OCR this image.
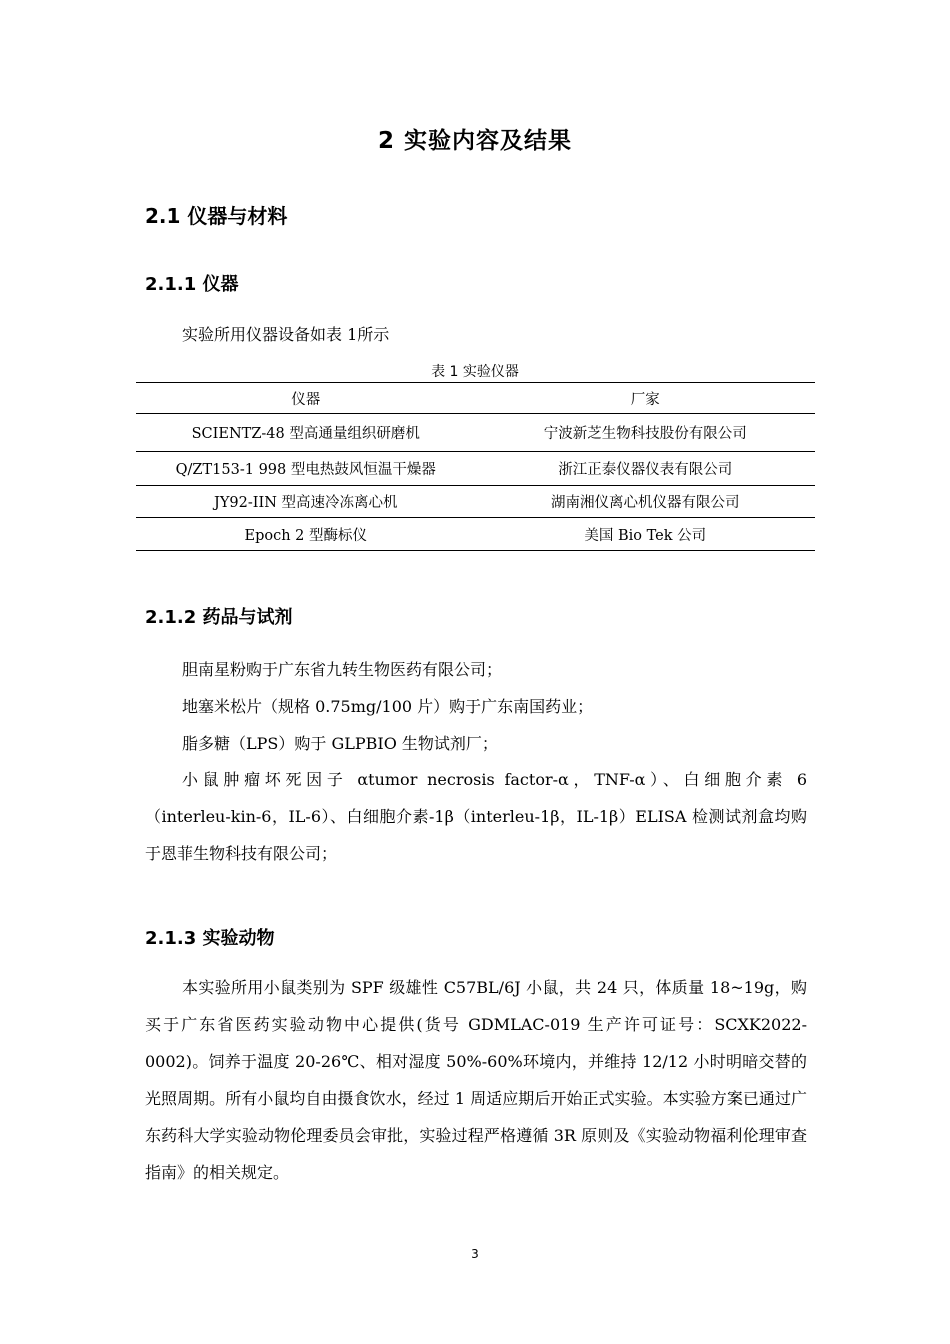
2 实验内容及结果
2.1 仪器与材料
2.1.1 仪器
实验所用仪器设备如表 1所示
表 1 实验仪器
仪器	厂家
SCIENTZ-48 型高通量组织研磨机	宁波新芝生物科技股份有限公司
Q/ZT153-1 998 型电热鼓风恒温干燥器	浙江正泰仪器仪表有限公司
JY92-IIN 型高速冷冻离心机	湖南湘仪离心机仪器有限公司
Epoch 2 型酶标仪	美国 Bio Tek 公司
2.1.2 药品与试剂
胆南星粉购于广东省九转生物医药有限公司；
地塞米松片（规格 0.75mg/100 片）购于广东南国药业；
脂多糖（LPS）购于 GLPBIO 生物试剂厂；
小鼠肿瘤坏死因子 αtumor necrosis factor-α，TNF-α）、白细胞介素 6（interleu‑kin-6，IL-6）、白细胞介素-1β（interleu-1β，IL-1β）ELISA 检测试剂盒均购于恩菲生物科技有限公司；
2.1.3 实验动物
本实验所用小鼠类别为 SPF 级雄性 C57BL/6J 小鼠，共 24 只，体质量 18~19g，购买于广东省医药实验动物中心提供(货号 GDMLAC-019 生产许可证号：SCXK2022-0002)。饲养于温度 20-26℃、相对湿度 50%-60%环境内，并维持 12/12 小时明暗交替的光照周期。所有小鼠均自由摄食饮水，经过 1 周适应期后开始正式实验。本实验方案已通过广东药科大学实验动物伦理委员会审批，实验过程严格遵循 3R 原则及《实验动物福利伦理审查指南》的相关规定。
3
